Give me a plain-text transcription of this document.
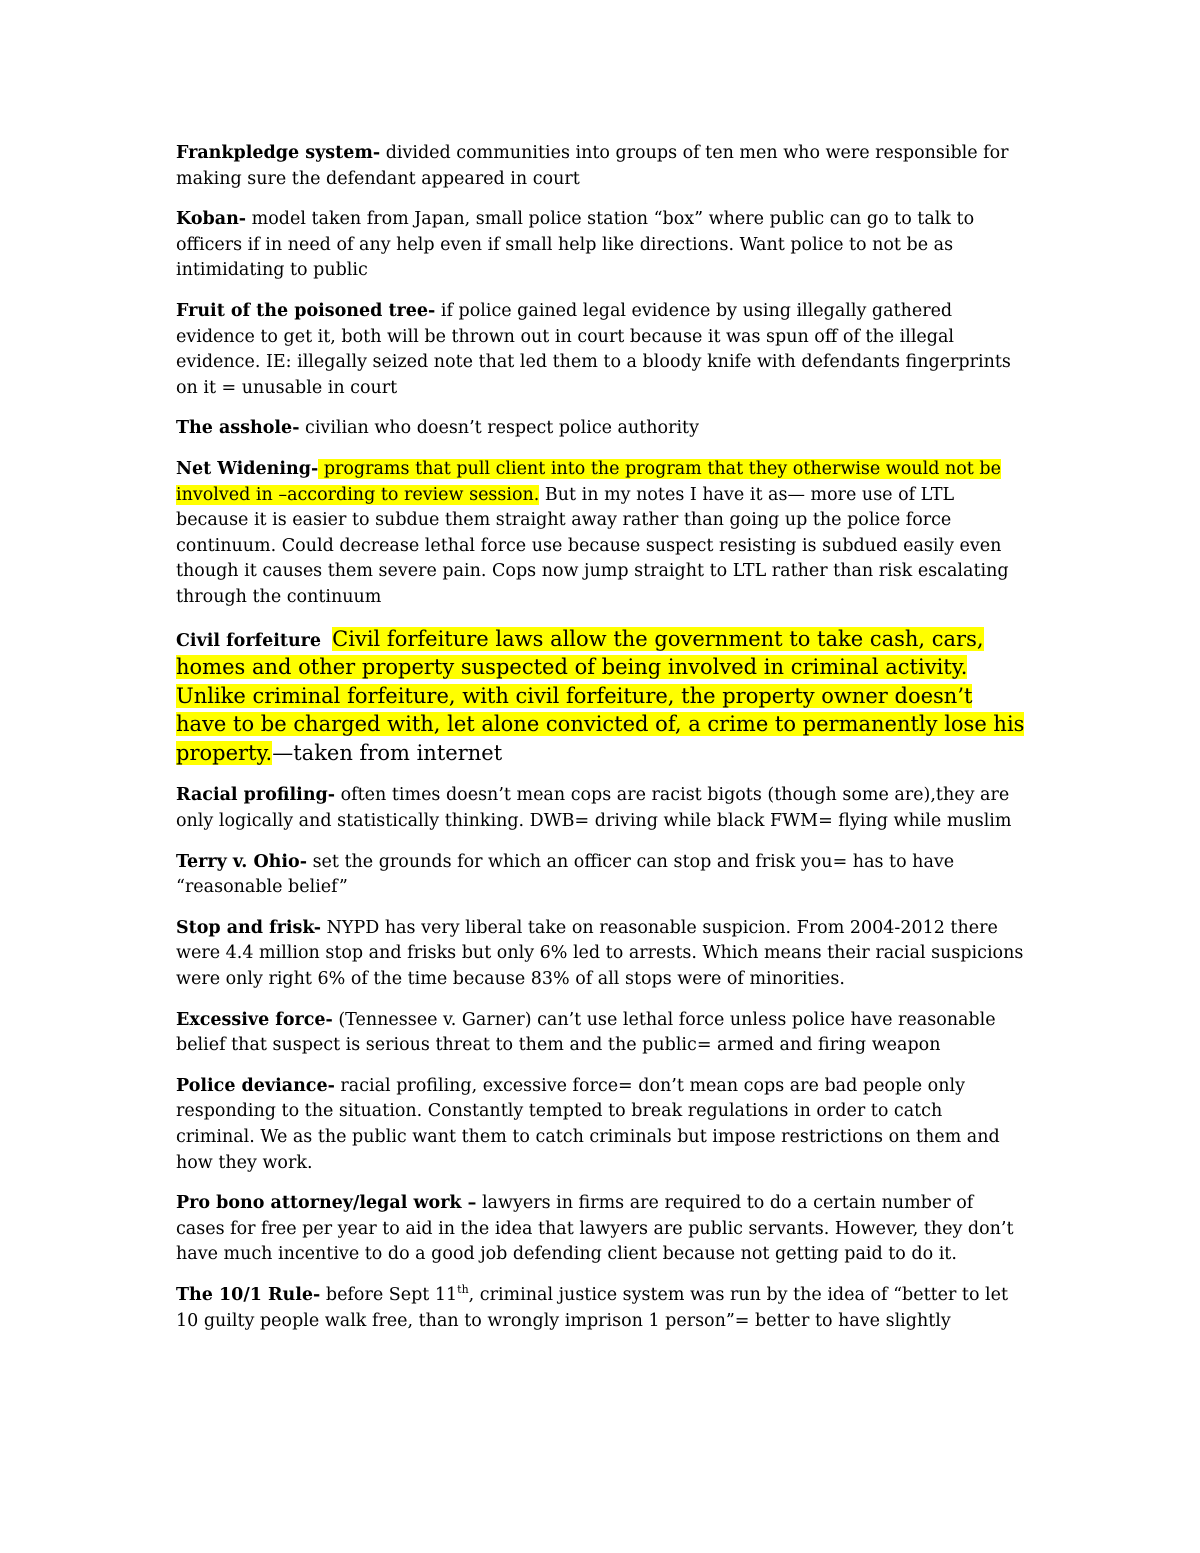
Frankpledge system- divided communities into groups of ten men who were responsible for making sure the defendant appeared in court

Koban- model taken from Japan, small police station “box” where public can go to talk to officers if in need of any help even if small help like directions. Want police to not be as intimidating to public

Fruit of the poisoned tree- if police gained legal evidence by using illegally gathered evidence to get it, both will be thrown out in court because it was spun off of the illegal evidence. IE: illegally seized note that led them to a bloody knife with defendants fingerprints on it = unusable in court

The asshole- civilian who doesn’t respect police authority

Net Widening- programs that pull client into the program that they otherwise would not be involved in –according to review session. But in my notes I have it as— more use of LTL because it is easier to subdue them straight away rather than going up the police force continuum. Could decrease lethal force use because suspect resisting is subdued easily even though it causes them severe pain. Cops now jump straight to LTL rather than risk escalating through the continuum

Civil forfeiture Civil forfeiture laws allow the government to take cash, cars, homes and other property suspected of being involved in criminal activity. Unlike criminal forfeiture, with civil forfeiture, the property owner doesn’t have to be charged with, let alone convicted of, a crime to permanently lose his property.—taken from internet

Racial profiling- often times doesn’t mean cops are racist bigots (though some are),they are only logically and statistically thinking. DWB= driving while black FWM= flying while muslim

Terry v. Ohio- set the grounds for which an officer can stop and frisk you= has to have “reasonable belief”

Stop and frisk- NYPD has very liberal take on reasonable suspicion. From 2004-2012 there were 4.4 million stop and frisks but only 6% led to arrests. Which means their racial suspicions were only right 6% of the time because 83% of all stops were of minorities.

Excessive force- (Tennessee v. Garner) can’t use lethal force unless police have reasonable belief that suspect is serious threat to them and the public= armed and firing weapon

Police deviance- racial profiling, excessive force= don’t mean cops are bad people only responding to the situation. Constantly tempted to break regulations in order to catch criminal. We as the public want them to catch criminals but impose restrictions on them and how they work.

Pro bono attorney/legal work – lawyers in firms are required to do a certain number of cases for free per year to aid in the idea that lawyers are public servants. However, they don’t have much incentive to do a good job defending client because not getting paid to do it.

The 10/1 Rule- before Sept 11th, criminal justice system was run by the idea of “better to let 10 guilty people walk free, than to wrongly imprison 1 person”= better to have slightly
